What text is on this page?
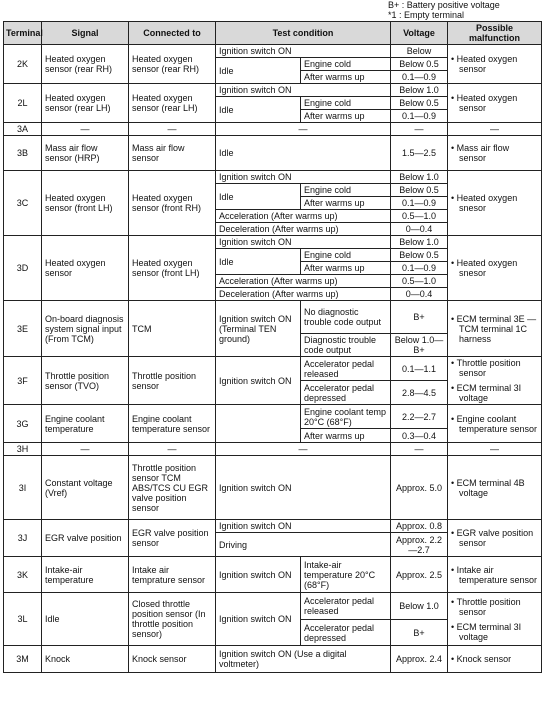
B+ : Battery positive voltage
*1 : Empty terminal
Terminal	Signal	Connected to	Test condition		Voltage	Possible malfunction
2K	Heated oxygen sensor (rear RH)	Heated oxygen sensor (rear RH)	Ignition switch ON		Below	• Heated oxygen sensor

			Idle	Engine cold	Below 0.5	
				After warms up	0.1—0.9	
2L	Heated oxygen sensor (rear LH)	Heated oxygen sensor (rear LH)	Ignition switch ON		Below 1.0	• Heated oxygen sensor

			Idle	Engine cold	Below 0.5	
				After warms up	0.1—0.9	
3A	—	—	—		—	—
3B	Mass air flow sensor (HRP)	Mass air flow sensor	Idle		1.5—2.5	• Mass air flow sensor

3C	Heated oxygen sensor (front LH)	Heated oxygen sensor (front RH)	Ignition switch ON		Below 1.0	• Heated oxygen snesor

			Idle	Engine cold	Below 0.5	
				After warms up	0.1—0.9	
			Acceleration (After warms up)		0.5—1.0	
			Deceleration (After warms up)		0—0.4	
3D	Heated oxygen sensor	Heated oxygen sensor (front LH)	Ignition switch ON		Below 1.0	• Heated oxygen snesor

			Idle	Engine cold	Below 0.5	
				After warms up	0.1—0.9	
			Acceleration (After warms up)		0.5—1.0	
			Deceleration (After warms up)		0—0.4	
3E	On-board diagnosis system signal input (From TCM)	TCM	Ignition switch ON (Terminal TEN ground)	No diagnostic trouble code output	B+	• ECM terminal 3E — TCM terminal 1C harness

				Diagnostic trouble code output	Below 1.0—B+	
3F	Throttle position sensor (TVO)	Throttle position sensor	Ignition switch ON	Accelerator pedal released	0.1—1.1	• Throttle position sensor
• ECM terminal 3I voltage

				Accelerator pedal depressed	2.8—4.5	
3G	Engine coolant temperature	Engine coolant temperature sensor		Engine coolant temp 20°C (68°F)	2.2—2.7	• Engine coolant temperature sensor

				After warms up	0.3—0.4	
3H	—	—	—		—	—
3I	Constant voltage (Vref)	Throttle position sensor TCM ABS/TCS CU EGR valve position sensor	Ignition switch ON		Approx. 5.0	• ECM terminal 4B voltage

3J	EGR valve position	EGR valve position sensor	Ignition switch ON		Approx. 0.8	• EGR valve position sensor

			Driving		Approx. 2.2—2.7	
3K	Intake-air temperature	Intake air temprature sensor	Ignition switch ON	Intake-air temperature 20°C (68°F)	Approx. 2.5	• Intake air temperature sensor

3L	Idle	Closed throttle position sensor (In throttle position sensor)	Ignition switch ON	Accelerator pedal released	Below 1.0	• Throttle position sensor
• ECM terminal 3I voltage

				Accelerator pedal depressed	B+	
3M	Knock	Knock sensor	Ignition switch ON (Use a digital voltmeter)		Approx. 2.4	• Knock sensor
